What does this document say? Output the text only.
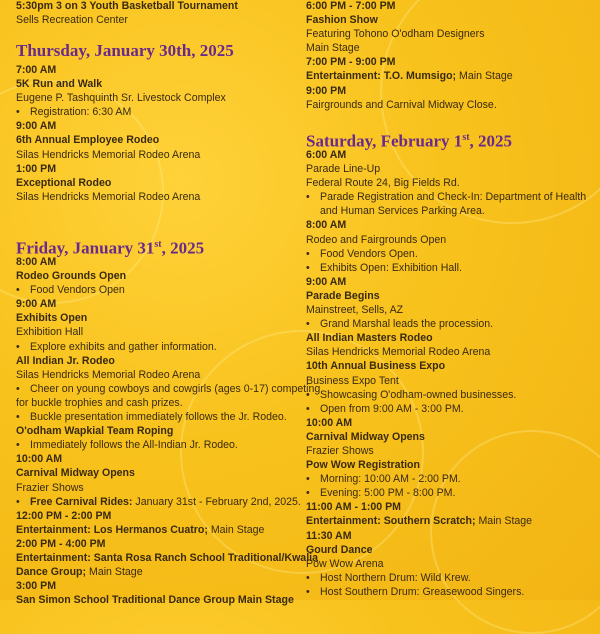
5:30pm 3 on 3 Youth Basketball Tournament
Sells Recreation Center
Thursday, January 30th, 2025
7:00 AM
5K Run and Walk
Eugene P. Tashquinth Sr. Livestock Complex
• Registration: 6:30 AM
9:00 AM
6th Annual Employee Rodeo
Silas Hendricks Memorial Rodeo Arena
1:00 PM
Exceptional Rodeo
Silas Hendricks Memorial Rodeo Arena
Friday, January 31st, 2025
8:00 AM
Rodeo Grounds Open
• Food Vendors Open
9:00 AM
Exhibits Open
Exhibition Hall
• Explore exhibits and gather information.
All Indian Jr. Rodeo
Silas Hendricks Memorial Rodeo Arena
• Cheer on young cowboys and cowgirls (ages 0-17) competing
for buckle trophies and cash prizes.
• Buckle presentation immediately follows the Jr. Rodeo.
O'odham Wapkial Team Roping
• Immediately follows the All-Indian Jr. Rodeo.
10:00 AM
Carnival Midway Opens
Frazier Shows
• Free Carnival Rides: January 31st - February 2nd, 2025.
12:00 PM - 2:00 PM
Entertainment: Los Hermanos Cuatro; Main Stage
2:00 PM - 4:00 PM
Entertainment: Santa Rosa Ranch School Traditional/Kwalia
Dance Group; Main Stage
3:00 PM
San Simon School Traditional Dance Group Main Stage
6:00 PM - 7:00 PM
Fashion Show
Featuring Tohono O'odham Designers
Main Stage
7:00 PM - 9:00 PM
Entertainment: T.O. Mumsigo; Main Stage
9:00 PM
Fairgrounds and Carnival Midway Close.
Saturday, February 1st, 2025
6:00 AM
Parade Line-Up
Federal Route 24, Big Fields Rd.
• Parade Registration and Check-In: Department of Health
and Human Services Parking Area.
8:00 AM
Rodeo and Fairgrounds Open
• Food Vendors Open.
• Exhibits Open: Exhibition Hall.
9:00 AM
Parade Begins
Mainstreet, Sells, AZ
• Grand Marshal leads the procession.
All Indian Masters Rodeo
Silas Hendricks Memorial Rodeo Arena
10th Annual Business Expo
Business Expo Tent
• Showcasing O'odham-owned businesses.
• Open from 9:00 AM - 3:00 PM.
10:00 AM
Carnival Midway Opens
Frazier Shows
Pow Wow Registration
• Morning: 10:00 AM - 2:00 PM.
• Evening: 5:00 PM - 8:00 PM.
11:00 AM - 1:00 PM
Entertainment: Southern Scratch; Main Stage
11:30 AM
Gourd Dance
Pow Wow Arena
• Host Northern Drum: Wild Krew.
• Host Southern Drum: Greasewood Singers.
